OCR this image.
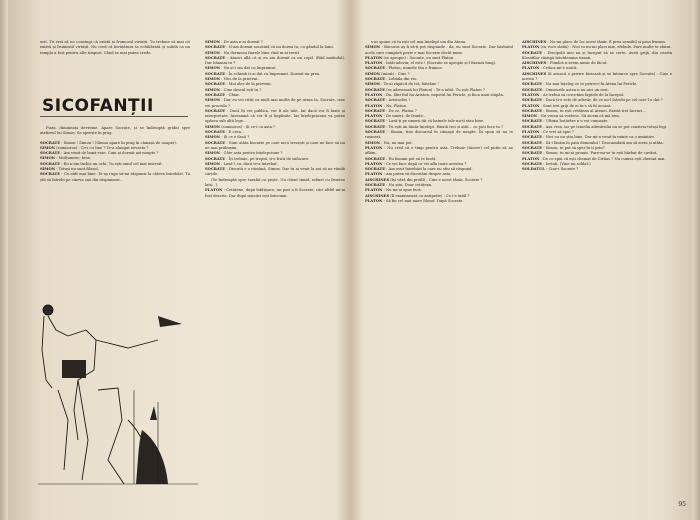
urit. Tu vrei să ne convingi că există și frumosul virtuții. Tu trebuie să mai cit există și frumosul virtuții. Nu cred că învățătura ta echilibrată și solidă ca un templu a fost pentru alte timpuri. Când se mai putea crede.

SICOFANȚII

Piața, dimineața devreme. Apare Socrate, și se îndreaptă grăbit spre atelierul lui Simon. Se oprește în prag.

SOCRATE : Simon ! Simon ! (Simon apare în prag în cămașă de noapte).

SIMON (somnoros) : Ce-i cu tine ? Te-a alungat nevasta ?

SOCRATE : Am venit de bună-voie. Cum ai dormit azi-noapte ?

SIMON : Mulțumesc, bine.

SOCRATE : Eu n-am închis un ochi. Tu ești omul cel mai instruit.

SIMON : Totuși nu sunt filosof.

SOCRATE : Cu atât mai bine. Te-aș ruga să-mi răspunzi la câteva întrebări. Tu știi să întrebi pe cineva sau dai răspunsuri...

SIMON : De asta n-ai dormit ?

SOCRATE : N-am dormit socotind că nu dormi tu, cu gândul la bani.

SIMON : Nu dormeau fiarele bine cînd m-ai trezit.

SOCRATE : Atunci află că și eu am dormit ca un copil. (Râd amândoi). Dar bănuiai tu ?

SIMON : Nu și-i om dat cu împrumut.

SOCRATE : În schimb ți-ai dat cu împrumut. Dormit nu prea.

SIMON : Nici de la prieteni.

SOCRATE : Mai ales de la prieteni.

SIMON : Cine dracul ești tu ?

SOCRATE : Chiar.

SIMON : Dar eu vei citiți cu mult mai multe de pe urma ta. Socrate, cine vei proceda ?

SOCRATE : Dacă îți vei publica, vor fi ale tale. Iar dacă vor fi luate și interpretate, înseamnă că vor fi și împlinite. Iar înțelepciunea va putea apărea sub altă lege...

SIMON (somnoros) : Și ce-i cu asta ?

SOCRATE : E ceva...

SIMON : Și ce e dacă ?

SOCRATE : Simt atâta bucurie pe care mi-o trezești și care ne face să nu ne mai prăbușim.

SIMON : Câte asta pentru înțelepciune ?

SOCRATE : Îți trebuie, pe treptă, ți-e frică de sufocare.

SIMON : Lasă-l, tu, dacă te-a întrebat.

SOCRATE : Discută e o rămână, Simon. Dar tu ai venit la noi să ne vândă cărțile.

(Se îndreaptă spre tarabă cu pește. Un client timid, robust cu fruntea lată...)

PLATON : Cetățene, după înfățișare, nu pari a fi Socrate, căci altfel mi-ai fost descris. Dar după mișcări ești întocmai.

s-ar spune că tu ești cel mai înțelept om din Atena.

SIMON : Bucuros aș fi să-ți pot răspunde : da, eu sunt Socrate. Dar bărbatul acela care cumpără pește e mai Socrate decât mine.

PLATON (se apropie) : Socrate, eu sunt Platon.

PLATON : Întâi-adevăr, el este ! (Socrate se apropie și-l fixează lung).

SOCRATE : Platon, numele tău e frumos.

SIMON (mirat) : Cine ?

SOCRATE : Lebăda din vis.

SIMON : Te-ai zăpăcit de tot, bătrâne !

SOCRATE (se adresează lui Platon) : Te-a iubit. Tu ești Platon ?

PLATON : Da. Sînt fiul lui Ariston, nepotul lui Pericle, și fiica unui stăpân.

SOCRATE : Aristocles !

PLATON : Nu, Platon.

SOCRATE : De ce, Platon ?

PLATON : De umeri, de frunte...

SOCRATE : Lasă-ți pe umerii tăi că hainele tale nu-ți stau bine.

SOCRATE : Tu ești un tânăr înțelept. Există trei și atât... ce poți face tu ?

SOCRATE : Simon, tine discursul în cămașă de noapte. Îți spun să nu te rușinezi.

SIMON : Nu, nu mai pot.

PLATON : Nu cred că e timp pentru asta. Trebuie (tăcere) cel putin să ne aflăm.

SOCRATE : Eu însumi pot să te învăț.

PLATON : Ce vei face după ce vei afla toate acestea ?

SOCRATE : Am avut întrebări la care nu știu să răspund.

PLATON : Am putea să discutăm despre asta.

AISCHINES (își vâră din profil) : Cine e acest tânăr, Socrate ?

SOCRATE : Nu știu. Doar cetățean.

PLATON : Nu mi-ai spus încă.

AISCHINES (îl examinează cu antipatie) : Ce i-e tatăl ?

PLATON : Să fiu cel mai mare filosof. După Socrate.

AISCHINES : Nu-mi place de loc acest tânăr. E prea sensibil și prea frumos.

PLATON (cu voce slabă) : Nici tu nu-mi placi mie, efebule. Pare multe te sfatui.

SOCRATE : Discipolii mei au și început să se certe. Aveți grijă, din cearta filosofilor câștigă întotdeauna tiranii.

AISCHINES : Fiindcă n-avem nimic de făcut.

PLATON : Critica mi-e unică.

AISCHINES (îi aruncă o privire furioasă și se întoarce spre Socrate) : Cine e acesta ?

SOCRATE : Nu mai înțeleg ce se petrece în Atena lui Pericle.

SOCRATE : Omorurile astea n-au nici un rost.

PLATON : Ar trebui să cercetăm faptele de la început.

SOCRATE : Dacă ți-e sete de adevăr, de ce nu-l întrebi pe cel care l-a dat ?

PLATON : Sunt trei griji de ei tu-s să fii acuzat.

SOCRATE : Simon, tu ești cetățean al Atenei. Există trei lucruri...

SIMON : Nu vreau să vorbesc. Să zicem că mă tem.

SOCRATE : Ultima hotărâre n-o voi cunoaște.

SOCRATE : Așa vrea, iar pe temelia adevărului nu se pot construi totuși legi.

PLATON : Ce vrei să spui ?

SOCRATE : Nici eu nu știu bine. Dar mi-a venit în minte ca o amintire.

SOCRATE : Să-i lăsăm în pata domnului ! Deocamdată am să scriu și atâta.

SOCRATE : Simon, te pot să sper în ți prin?

SOCRATE : Simon, tu mi-ai promis. Pare-mi-se tu ești bărbat de cuvânt.

PLATON : De ce spui că ești chemat de Critias ? Nu cumva ești chemat mai.

SOCRATE : Iertați. (Vine un soldat.)

SOLDATUL : Cine-i Socrate ?

95
